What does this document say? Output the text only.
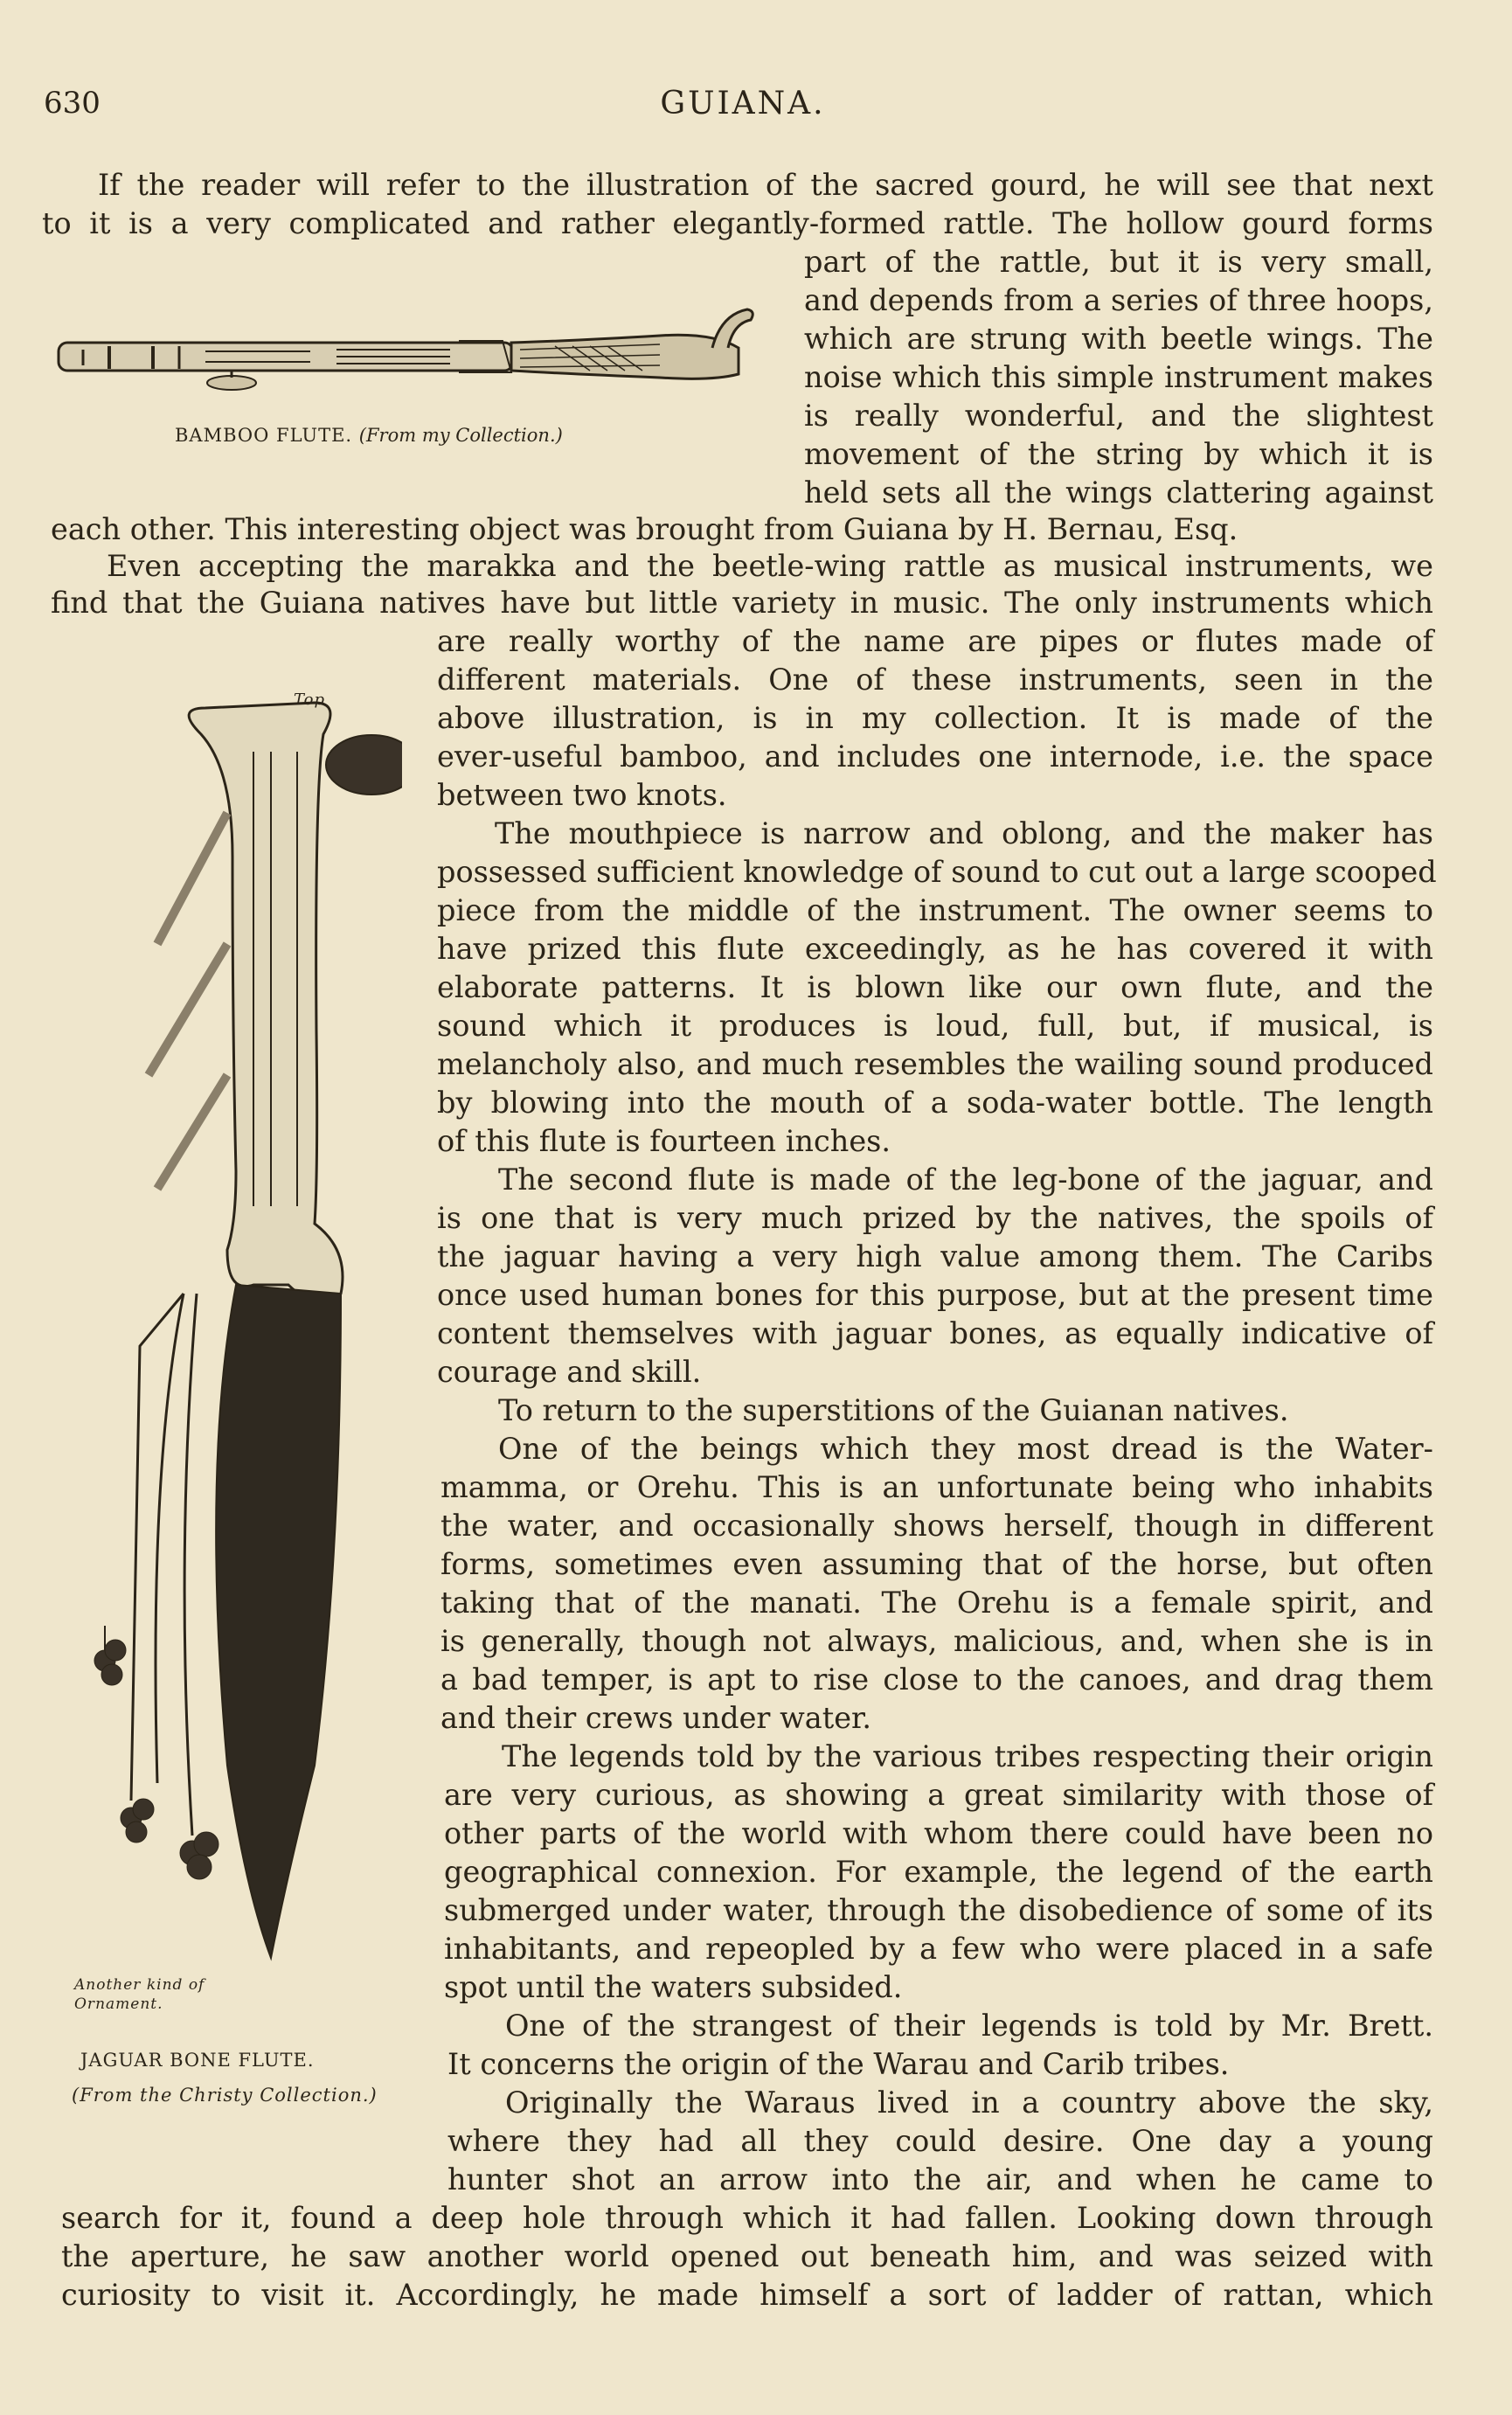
630	GUIANA.
BAMBOO FLUTE. (From my Collection.)
Top
Another kind of
Ornament.
JAGUAR BONE FLUTE.
(From the Christy Collection.)
If the reader will refer to the illustration of the sacred gourd, he will see that next
to it is a very complicated and rather elegantly-formed rattle. The hollow gourd forms
part of the rattle, but it is very small,
and depends from a series of three hoops,
which are strung with beetle wings. The
noise which this simple instrument makes
is really wonderful, and the slightest
movement of the string by which it is
held sets all the wings clattering against
each other. This interesting object was brought from Guiana by H. Bernau, Esq.
Even accepting the marakka and the beetle-wing rattle as musical instruments, we
find that the Guiana natives have but little variety in music. The only instruments which
are really worthy of the name are pipes or flutes made of
different materials. One of these instruments, seen in the
above illustration, is in my collection. It is made of the
ever-useful bamboo, and includes one internode, i.e. the space
between two knots.
The mouthpiece is narrow and oblong, and the maker has
possessed sufficient knowledge of sound to cut out a large scooped
piece from the middle of the instrument. The owner seems to
have prized this flute exceedingly, as he has covered it with
elaborate patterns. It is blown like our own flute, and the
sound which it produces is loud, full, but, if musical, is
melancholy also, and much resembles the wailing sound produced
by blowing into the mouth of a soda-water bottle. The length
of this flute is fourteen inches.
The second flute is made of the leg-bone of the jaguar, and
is one that is very much prized by the natives, the spoils of
the jaguar having a very high value among them. The Caribs
once used human bones for this purpose, but at the present time
content themselves with jaguar bones, as equally indicative of
courage and skill.
To return to the superstitions of the Guianan natives.
One of the beings which they most dread is the Water-
mamma, or Orehu. This is an unfortunate being who inhabits
the water, and occasionally shows herself, though in different
forms, sometimes even assuming that of the horse, but often
taking that of the manati. The Orehu is a female spirit, and
is generally, though not always, malicious, and, when she is in
a bad temper, is apt to rise close to the canoes, and drag them
and their crews under water.
The legends told by the various tribes respecting their origin
are very curious, as showing a great similarity with those of
other parts of the world with whom there could have been no
geographical connexion. For example, the legend of the earth
submerged under water, through the disobedience of some of its
inhabitants, and repeopled by a few who were placed in a safe
spot until the waters subsided.
One of the strangest of their legends is told by Mr. Brett.
It concerns the origin of the Warau and Carib tribes.
Originally the Waraus lived in a country above the sky,
where they had all they could desire. One day a young
hunter shot an arrow into the air, and when he came to
search for it, found a deep hole through which it had fallen. Looking down through
the aperture, he saw another world opened out beneath him, and was seized with
curiosity to visit it. Accordingly, he made himself a sort of ladder of rattan, which
